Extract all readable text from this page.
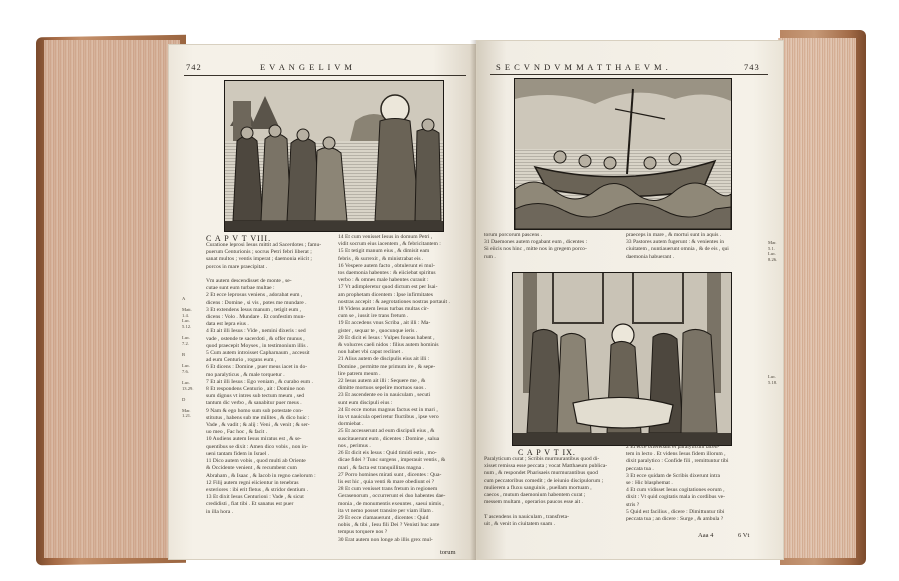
742	E V A N G E L I V M
C A P V T VIII.

Curatione leprosi Iesus mittit ad Sacerdotes ; famu-

puerum Centurionis ; socrus Petri febri liberat ;

sanat multos ; ventis imperat ; daemonia eiicit ;

porcos in mare praecipitat .

Vm autem descendisset de monte , se-

cutae sunt eum turbae multae :

2 Et ecce leprosus veniens , adorabat eum ,

dicens : Domine , si vis , potes me mundare .

3 Et extendens Iesus manum , tetigit eum ,

dicens : Volo . Mundare . Et confestim mun-

data est lepra eius .

4 Et ait illi Iesus : Vide , nemini dixeris : sed

vade , ostende te sacerdoti , & offer munus ,

quod praecepit Moyses , in testimonium illis .

5 Cum autem introisset Capharnaum , accessit

ad eum Centurio , rogans eum ,

6 Et dicens : Domine , puer meus iacet in do-

mo paralyticus , & male torquetur .

7 Et ait illi Iesus : Ego veniam , & curabo eum .

8 Et respondens Centurio , ait : Domine non

sum dignus vt intres sub tectum meum , sed

tantum dic verbo , & sanabitur puer meus .

9 Nam & ego homo sum sub potestate con-

stitutus , habens sub me milites , & dico huic :

Vade , & vadit ; & alij : Veni , & venit ; & ser-

uo meo , Fac hoc , & facit .

10 Audiens autem Iesus miratus est , & se-

quentibus se dixit : Amen dico vobis , non in-

ueni tantam fidem in Israel .

11 Dico autem vobis , quod multi ab Oriente

& Occidente venient , & recumbent cum

Abraham , & Isaac , & Iacob in regno caelorum :

12 Filij autem regni eiicientur in tenebras

exteriores : ibi erit fletus , & stridor dentium .

13 Et dixit Iesus Centurioni : Vade , & sicut

credidisti , fiat tibi . Et sanatus est puer

in illa hora .

14 Et cum venisset Iesus in domum Petri ,

vidit socrum eius iacentem , & febricitantem :

15 Et tetigit manum eius , & dimisit eam

febris , & surrexit , & ministrabat eis .

16 Vespere autem facto , obtulerunt ei mul-

tos daemonia habentes : & eiiciebat spiritus

verbo : & omnes male habentes curauit :

17 Vt adimpleretur quod dictum est per Isai-

am prophetam dicentem : Ipse infirmitates

nostras accepit : & aegrotationes nostras portauit .

18 Videns autem Iesus turbas multas cir-

cum se , iussit ire trans fretum .

19 Et accedens vnus Scriba , ait illi : Ma-

gister , sequar te , quocunque ieris .

20 Et dicit ei Iesus : Vulpes foueas habent ,

& volucres caeli nidos : filius autem hominis

non habet vbi caput reclinet .

21 Alius autem de discipulis eius ait illi :

Domine , permitte me primum ire , & sepe-

lire patrem meum .

22 Iesus autem ait illi : Sequere me , &

dimitte mortuos sepelire mortuos suos .

23 Et ascendente eo in nauiculam , secuti

sunt eum discipuli eius :

24 Et ecce motus magnus factus est in mari ,

ita vt nauicula operiretur fluctibus , ipse vero

dormiebat .

25 Et accesserunt ad eum discipuli eius , &

suscitauerunt eum , dicentes : Domine , salua

nos , perimus .

26 Et dicit eis Iesus : Quid timidi estis , mo-

dicae fidei ? Tunc surgens , imperauit ventis , &

mari , & facta est tranquillitas magna .

27 Porro homines mirati sunt , dicentes : Qua-

lis est hic , quia venti & mare obediunt ei ?

28 Et cum venisset trans fretum in regionem

Gerasenorum , occurrerunt ei duo habentes dae-

monia , de monumentis exeuntes , saeui nimis ,

ita vt nemo posset transire per viam illam .

29 Et ecce clamauerunt , dicentes : Quid

nobis , & tibi , Iesu fili Dei ? Venisti huc ante

tempus torquere nos ?

30 Erat autem non longe ab illis grex mul-

A

Matt.
1.4.
Luc.
5.12.

Luc.
7.2.

B

Luc.
7.6.

Luc.
13.29.

D

Mar.
1.21.
torum
S E C V N D V M M A T T H A E V M .	743

torum porcorum pascens .

31 Daemones autem rogabant eum , dicentes :

Si eiicis nos hinc , mitte nos in gregem porco-

rum .

praeceps in mare , & mortui sunt in aquis .

33 Pastores autem fugerunt : & venientes in

ciuitatem , nuntiauerunt omnia , & de eis , qui

daemonia habuerant .

C A P V T IX.

Paralyticum curat ; Scribis murmurantibus quod di-

xisset remissa esse peccata ; vocat Matthaeum publica-

num , & respondet Pharisaeis murmurantibus quod

cum peccatoribus comedit ; de ieiunio discipulorum ;

mulierem a fluxu sanguinis , puellam mortuam ,

caecos , mutum daemonium habentem curat ;

messem multam , operarios paucos esse ait .

T ascendens in nauiculam , transfreta-

uit , & venit in ciuitatem suam .

2 Et ecce offerebant ei paralyticum iacen-

tem in lecto . Et videns Iesus fidem illorum ,

dixit paralytico : Confide fili , remittuntur tibi

peccata tua .

3 Et ecce quidam de Scribis dixerunt intra

se : Hic blasphemat .

4 Et cum vidisset Iesus cogitationes eorum ,

dixit : Vt quid cogitatis mala in cordibus ve-

stris ?

5 Quid est facilius , dicere : Dimittuntur tibi

peccata tua ; an dicere : Surge , & ambula ?

Mar.
5.1.
Luc.
8.26.

Luc.
5.18.
Aaa 4	6 Vt
